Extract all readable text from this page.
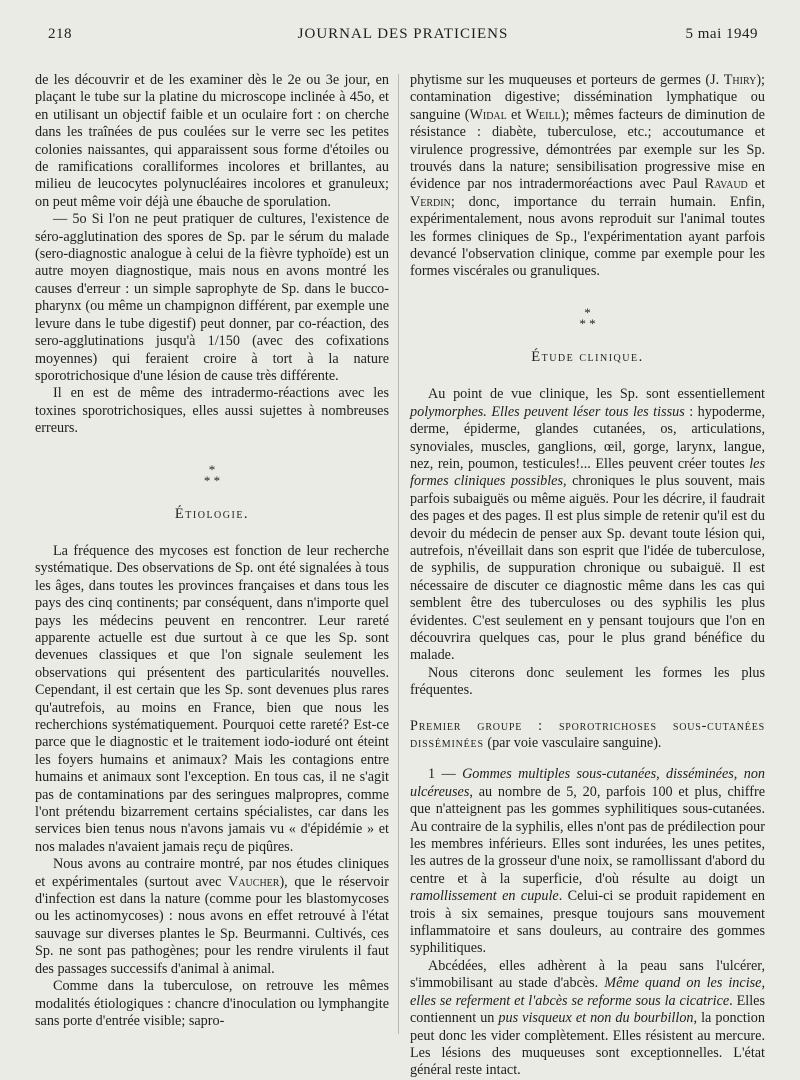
218	JOURNAL DES PRATICIENS	5 mai 1949

de les découvrir et de les examiner dès le 2e ou 3e jour, en plaçant le tube sur la platine du microscope inclinée à 45o, et en utilisant un objectif faible et un oculaire fort : on cherche dans les traînées de pus coulées sur le verre sec les petites colonies naissantes, qui apparaissent sous forme d'étoiles ou de ramifications coralliformes incolores et brillantes, au milieu de leucocytes polynucléaires incolores et granuleux; on peut même voir déjà une ébauche de sporulation.

— 5o Si l'on ne peut pratiquer de cultures, l'existence de séro-agglutination des spores de Sp. par le sérum du malade (sero-diagnostic analogue à celui de la fièvre typhoïde) est un autre moyen diagnostique, mais nous en avons montré les causes d'erreur : un simple saprophyte de Sp. dans le bucco-pharynx (ou même un champignon différent, par exemple une levure dans le tube digestif) peut donner, par co-réaction, des sero-agglutinations jusqu'à 1/150 (avec des cofixations moyennes) qui feraient croire à tort à la nature sporotrichosique d'une lésion de cause très différente.

Il en est de même des intradermo-réactions avec les toxines sporotrichosiques, elles aussi sujettes à nombreuses erreurs.

*
* *
Étiologie.

La fréquence des mycoses est fonction de leur recherche systématique. Des observations de Sp. ont été signalées à tous les âges, dans toutes les provinces françaises et dans tous les pays des cinq continents; par conséquent, dans n'importe quel pays les médecins peuvent en rencontrer. Leur rareté apparente actuelle est due surtout à ce que les Sp. sont devenues classiques et que l'on signale seulement les observations qui présentent des particularités nouvelles. Cependant, il est certain que les Sp. sont devenues plus rares qu'autrefois, au moins en France, bien que nous les recherchions systématiquement. Pourquoi cette rareté? Est-ce parce que le diagnostic et le traitement iodo-ioduré ont éteint les foyers humains et animaux? Mais les contagions entre humains et animaux sont l'exception. En tous cas, il ne s'agit pas de contaminations par des seringues malpropres, comme l'ont prétendu bizarrement certains spécialistes, car dans les services bien tenus nous n'avons jamais vu « d'épidémie » et nos malades n'avaient jamais reçu de piqûres.

Nous avons au contraire montré, par nos études cliniques et expérimentales (surtout avec Vaucher), que le réservoir d'infection est dans la nature (comme pour les blastomycoses ou les actinomycoses) : nous avons en effet retrouvé à l'état sauvage sur diverses plantes le Sp. Beurmanni. Cultivés, ces Sp. ne sont pas pathogènes; pour les rendre virulents il faut des passages successifs d'animal à animal.

Comme dans la tuberculose, on retrouve les mêmes modalités étiologiques : chancre d'inoculation ou lymphangite sans porte d'entrée visible; sapro-

phytisme sur les muqueuses et porteurs de germes (J. Thiry); contamination digestive; dissémination lymphatique ou sanguine (Widal et Weill); mêmes facteurs de diminution de résistance : diabète, tuberculose, etc.; accoutumance et virulence progressive, démontrées par exemple sur les Sp. trouvés dans la nature; sensibilisation progressive mise en évidence par nos intradermoréactions avec Paul Ravaud et Verdin; donc, importance du terrain humain. Enfin, expérimentalement, nous avons reproduit sur l'animal toutes les formes cliniques de Sp., l'expérimentation ayant parfois devancé l'observation clinique, comme par exemple pour les formes viscérales ou granuliques.

*
* *
Étude clinique.

Au point de vue clinique, les Sp. sont essentiellement polymorphes. Elles peuvent léser tous les tissus : hypoderme, derme, épiderme, glandes cutanées, os, articulations, synoviales, muscles, ganglions, œil, gorge, larynx, langue, nez, rein, poumon, testicules!... Elles peuvent créer toutes les formes cliniques possibles, chroniques le plus souvent, mais parfois subaiguës ou même aiguës. Pour les décrire, il faudrait des pages et des pages. Il est plus simple de retenir qu'il est du devoir du médecin de penser aux Sp. devant toute lésion qui, autrefois, n'éveillait dans son esprit que l'idée de tuberculose, de syphilis, de suppuration chronique ou subaiguë. Il est nécessaire de discuter ce diagnostic même dans les cas qui semblent être des tuberculoses ou des syphilis les plus évidentes. C'est seulement en y pensant toujours que l'on en découvrira quelques cas, pour le plus grand bénéfice du malade.

Nous citerons donc seulement les formes les plus fréquentes.

Premier groupe : sporotrichoses sous-cutanées disséminées (par voie vasculaire sanguine).

1 — Gommes multiples sous-cutanées, disséminées, non ulcéreuses, au nombre de 5, 20, parfois 100 et plus, chiffre que n'atteignent pas les gommes syphilitiques sous-cutanées. Au contraire de la syphilis, elles n'ont pas de prédilection pour les membres inférieurs. Elles sont indurées, les unes petites, les autres de la grosseur d'une noix, se ramollissant d'abord du centre et à la superficie, d'où résulte au doigt un ramollissement en cupule. Celui-ci se produit rapidement en trois à six semaines, presque toujours sans mouvement inflammatoire et sans douleurs, au contraire des gommes syphilitiques.

Abcédées, elles adhèrent à la peau sans l'ulcérer, s'immobilisant au stade d'abcès. Même quand on les incise, elles se referment et l'abcès se reforme sous la cicatrice. Elles contiennent un pus visqueux et non du bourbillon, la ponction peut donc les vider complètement. Elles résistent au mercure. Les lésions des muqueuses sont exceptionnelles. L'état général reste intact.
